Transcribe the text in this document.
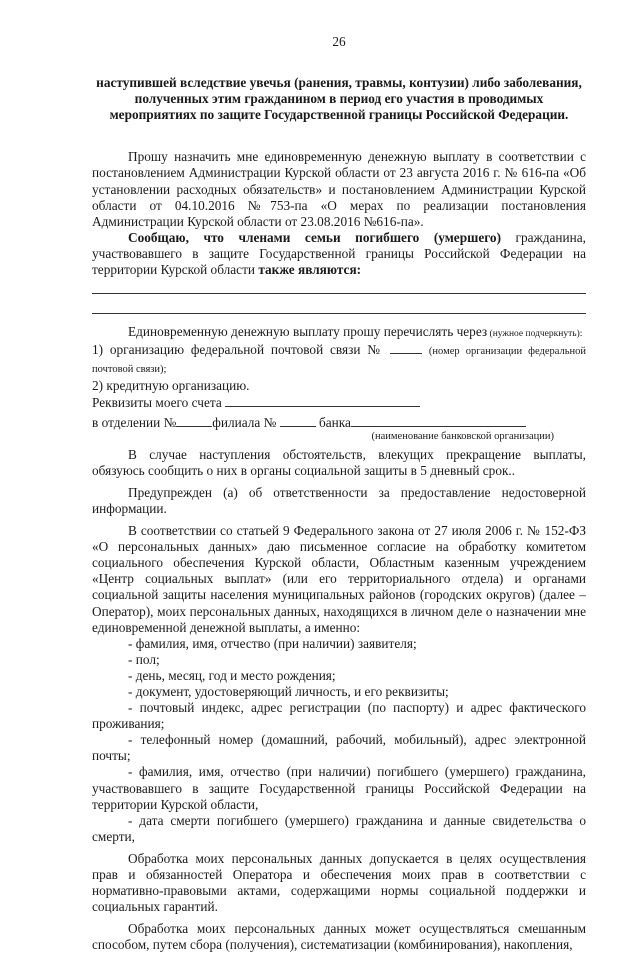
26
наступившей вследствие увечья (ранения, травмы, контузии) либо заболевания, полученных этим гражданином в период его участия в проводимых мероприятиях по защите Государственной границы Российской Федерации.

Прошу назначить мне единовременную денежную выплату в соответствии с постановлением Администрации Курской области от 23 августа 2016 г. № 616-па «Об установлении расходных обязательств» и постановлением Администрации Курской области от 04.10.2016 №753-па «О мерах по реализации постановления Администрации Курской области от 23.08.2016 №616-па».

Сообщаю, что членами семьи погибшего (умершего) гражданина, участвовавшего в защите Государственной границы Российской Федерации на территории Курской области также являются:

Единовременную денежную выплату прошу перечислять через (нужное подчеркнуть):

1) организацию федеральной почтовой связи №	(номер организации федеральной почтовой связи);

2) кредитную организацию.

Реквизиты моего счета

в отделении №	филиала №	банка

(наименование банковской организации)

В случае наступления обстоятельств, влекущих прекращение выплаты, обязуюсь сообщить о них в органы социальной защиты в 5 дневный срок..

Предупрежден (а) об ответственности за предоставление недостоверной информации.

В соответствии со статьей 9 Федерального закона от 27 июля 2006 г. № 152-ФЗ «О персональных данных» даю письменное согласие на обработку комитетом социального обеспечения Курской области, Областным казенным учреждением «Центр социальных выплат» (или его территориального отдела) и органами социальной защиты населения муниципальных районов (городских округов) (далее – Оператор), моих персональных данных, находящихся в личном деле о назначении мне единовременной денежной выплаты, а именно:

- фамилия, имя, отчество (при наличии) заявителя;

- пол;

- день, месяц, год и место рождения;

- документ, удостоверяющий личность, и его реквизиты;

- почтовый индекс, адрес регистрации (по паспорту) и адрес фактического проживания;

- телефонный номер (домашний, рабочий, мобильный), адрес электронной почты;

- фамилия, имя, отчество (при наличии) погибшего (умершего) гражданина, участвовавшего в защите Государственной границы Российской Федерации на территории Курской области,

- дата смерти погибшего (умершего) гражданина и данные свидетельства о смерти,

Обработка моих персональных данных допускается в целях осуществления прав и обязанностей Оператора и обеспечения моих прав в соответствии с нормативно-правовыми актами, содержащими нормы социальной поддержки и социальных гарантий.

Обработка моих персональных данных может осуществляться смешанным способом, путем сбора (получения), систематизации (комбинирования), накопления,
